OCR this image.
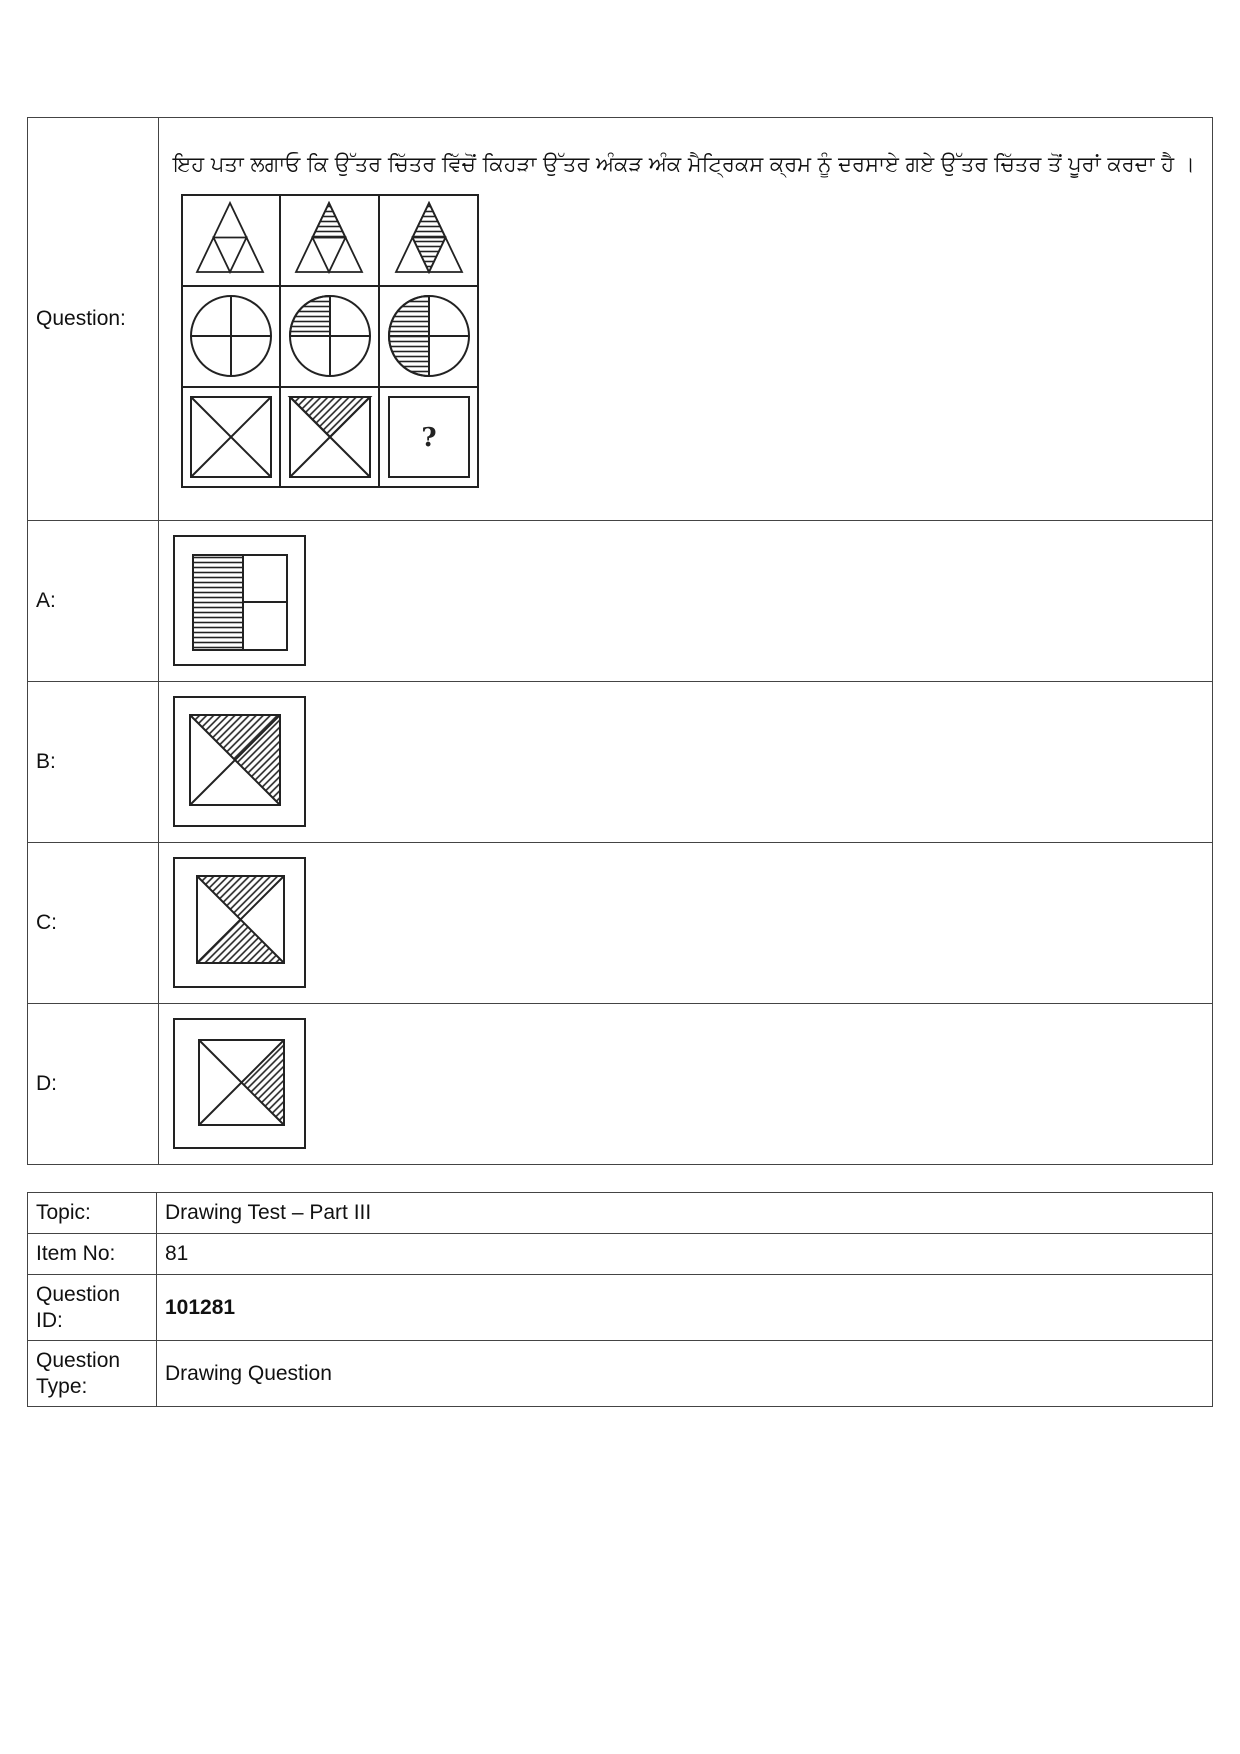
Question:	ਇਹ ਪਤਾ ਲਗਾਓ ਕਿ ਉੱਤਰ ਚਿੱਤਰ ਵਿੱਚੋਂ ਕਿਹੜਾ ਉੱਤਰ ਅੰਕੜ ਅੰਕ ਮੈਟ੍ਰਿਕਸ ਕ੍ਰਮ ਨੂੰ ਦਰਸਾਏ ਗਏ ਉੱਤਰ ਚਿੱਤਰ ਤੋਂ ਪੂਰਾਂ ਕਰਦਾ ਹੈ ।
?

A:	

B:	

C:	

D:	
Topic:	Drawing Test – Part III
Item No:	81
Question ID:	101281
Question Type:	Drawing Question
